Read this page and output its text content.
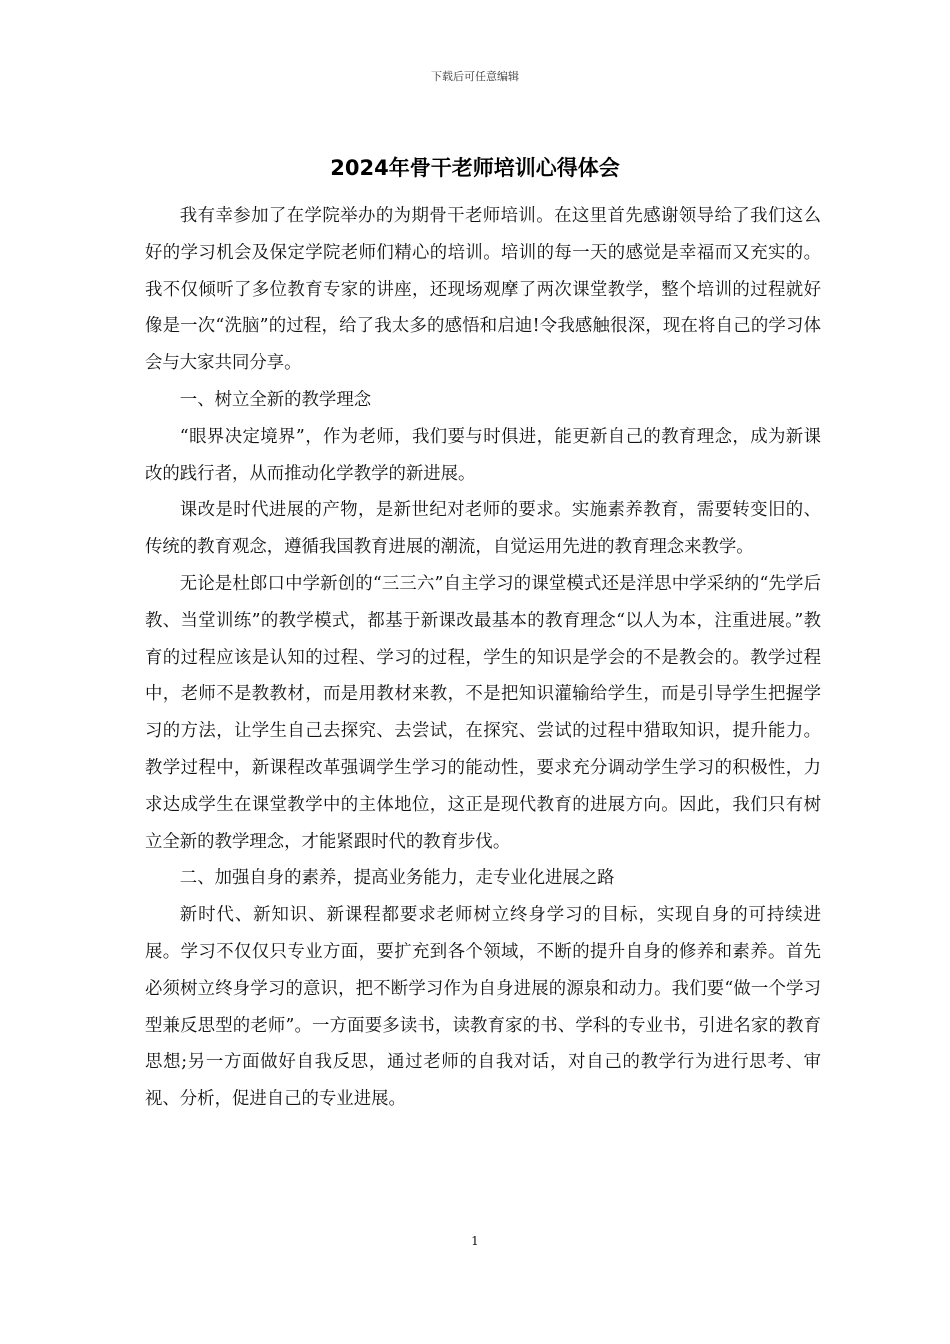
下载后可任意编辑
2024年骨干老师培训心得体会

我有幸参加了在学院举办的为期骨干老师培训。在这里首先感谢领导给了我们这么好的学习机会及保定学院老师们精心的培训。培训的每一天的感觉是幸福而又充实的。我不仅倾听了多位教育专家的讲座，还现场观摩了两次课堂教学，整个培训的过程就好像是一次“洗脑”的过程，给了我太多的感悟和启迪!令我感触很深，现在将自己的学习体会与大家共同分享。

一、树立全新的教学理念

“眼界决定境界”，作为老师，我们要与时俱进，能更新自己的教育理念，成为新课改的践行者，从而推动化学教学的新进展。

课改是时代进展的产物，是新世纪对老师的要求。实施素养教育，需要转变旧的、传统的教育观念，遵循我国教育进展的潮流，自觉运用先进的教育理念来教学。

无论是杜郎口中学新创的“三三六”自主学习的课堂模式还是洋思中学采纳的“先学后教、当堂训练”的教学模式，都基于新课改最基本的教育理念“以人为本，注重进展。”教育的过程应该是认知的过程、学习的过程，学生的知识是学会的不是教会的。教学过程中，老师不是教教材，而是用教材来教，不是把知识灌输给学生，而是引导学生把握学习的方法，让学生自己去探究、去尝试，在探究、尝试的过程中猎取知识，提升能力。教学过程中，新课程改革强调学生学习的能动性，要求充分调动学生学习的积极性，力求达成学生在课堂教学中的主体地位，这正是现代教育的进展方向。因此，我们只有树立全新的教学理念，才能紧跟时代的教育步伐。

二、加强自身的素养，提高业务能力，走专业化进展之路

新时代、新知识、新课程都要求老师树立终身学习的目标，实现自身的可持续进展。学习不仅仅只专业方面，要扩充到各个领域，不断的提升自身的修养和素养。首先必须树立终身学习的意识，把不断学习作为自身进展的源泉和动力。我们要“做一个学习型兼反思型的老师”。一方面要多读书，读教育家的书、学科的专业书，引进名家的教育思想;另一方面做好自我反思，通过老师的自我对话，对自己的教学行为进行思考、审视、分析，促进自己的专业进展。

1
